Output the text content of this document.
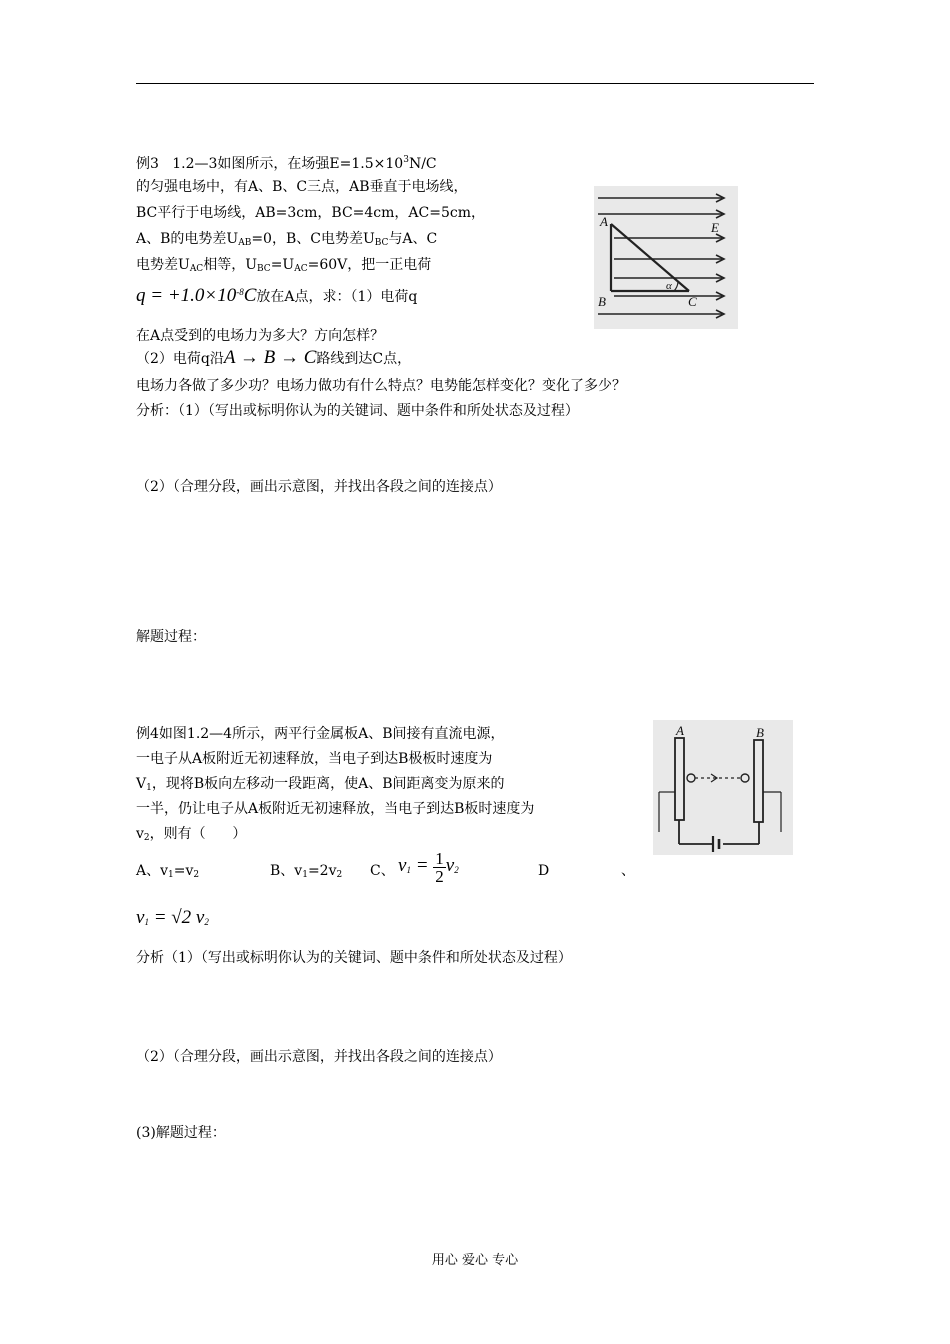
例3   1.2—3如图所示，在场强$E=1.5\times 10^3N/C$
的匀强电场中，有A、B、C三点，AB垂直于电场线，
BC平行于电场线，AB=3cm，BC=4cm，AC=5cm，
A、B的电势差$U_{AB}=0$，B、C电势差$U_{BC}$与A、C
电势差$U_{AC}$相等，$U_{BC}=U_{AC}=60V$，把一正电荷
$q = +1.0\times 10^{-8}C$放在A点，求：（1）电荷q
在A点受到的电场力为多大？方向怎样？
（2）电荷q沿A → B → C路线到达C点，
电场力各做了多少功？电场力做功有什么特点？电势能怎样变化？变化了多少？
分析：（1）（写出或标明你认为的关键词、题中条件和所处状态及过程）
（2）（合理分段，画出示意图，并找出各段之间的连接点）
解题过程：
A
B	C
E
α
例4如图1.2—4所示，两平行金属板A、B间接有直流电源，
一电子从A板附近无初速释放，当电子到达B极板时速度为
$V_1$，现将B板向左移动一段距离，使A、B间距离变为原来的
一半，仍让电子从A板附近无初速释放，当电子到达B板时速度为
$v_2$，则有（      ）
A、$v_1=v_2$	B、$v_1=2v_2$ C、 $v_1 = \frac{1}{2} v_2$	D	、
$v_1 = √2$ $v_2$
分析（1）（写出或标明你认为的关键词、题中条件和所处状态及过程）
（2）（合理分段，画出示意图，并找出各段之间的连接点）
(3)解题过程：
A	B
用心 爱心 专心
